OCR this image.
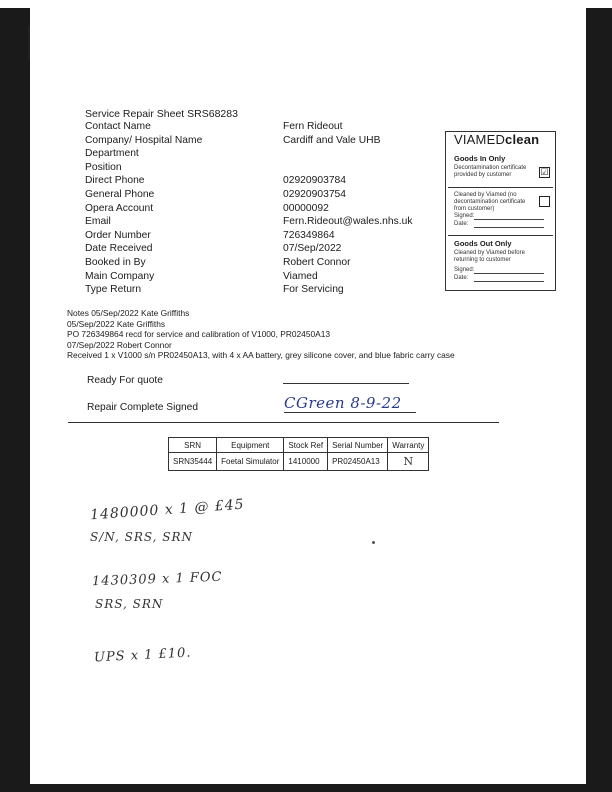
Service Repair Sheet SRS68283
Contact Name	Fern Rideout
Company/ Hospital Name	Cardiff and Vale UHB
Department
Position
Direct Phone	02920903784
General Phone	02920903754
Opera Account	00000092
Email	Fern.Rideout@wales.nhs.uk
Order Number	726349864
Date Received	07/Sep/2022
Booked in By	Robert Connor
Main Company	Viamed
Type Return	For Servicing
VIAMEDclean
Goods In Only
Decontamination certificate provided by customer	☑
Cleaned by Viamed (no decontamination certificate from customer)
Signed:
Date:
Goods Out Only
Cleaned by Viamed before returning to customer
Signed:
Date:
Notes 05/Sep/2022 Kate Griffiths
05/Sep/2022 Kate Griffiths
PO 726349864 recd for service and calibration of V1000, PR02450A13
07/Sep/2022 Robert Connor
Received 1 x V1000 s/n PR02450A13, with 4 x AA battery, grey silicone cover, and blue fabric carry case
Ready For quote
Repair Complete Signed	CGreen 8-9-22
SRN	Equipment	Stock Ref	Serial Number	Warranty
SRN35444	Foetal Simulator	1410000	PR02450A13	N
1480000 x 1 @ £45
S/N, SRS, SRN
1430309 x 1 FOC
SRS, SRN
UPS x 1 £10.
